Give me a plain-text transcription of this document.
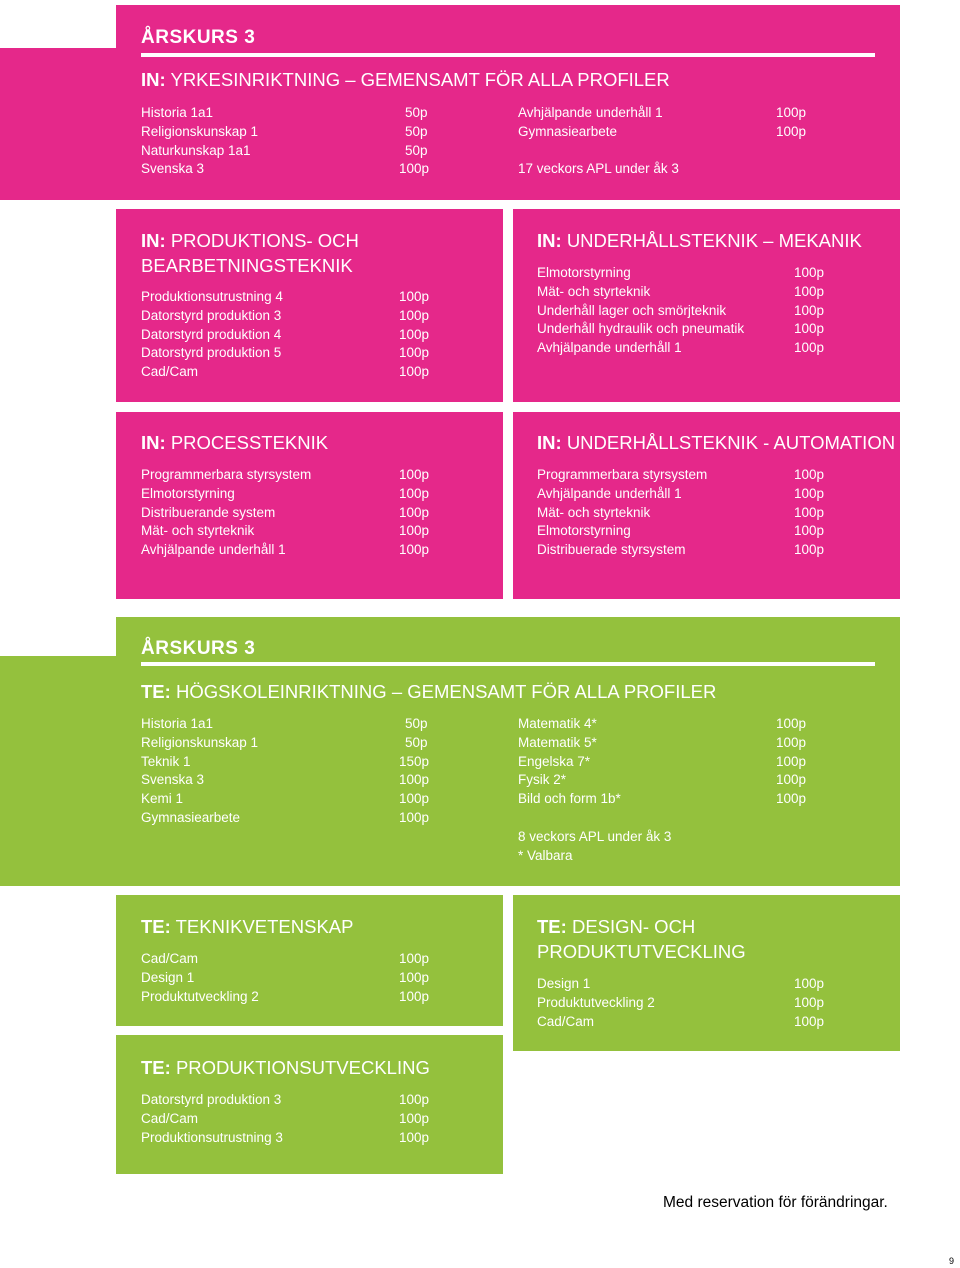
ÅRSKURS 3
IN: YRKESINRIKTNING – GEMENSAMT FÖR ALLA PROFILER
Historia 1a1	50p
Religionskunskap 1	50p
Naturkunskap 1a1	50p
Svenska 3	100p
Avhjälpande underhåll 1	100p
Gymnasiearbete	100p
17 veckors APL under åk 3
IN: PRODUKTIONS- OCH
BEARBETNINGSTEKNIK
Produktionsutrustning 4	100p
Datorstyrd produktion 3	100p
Datorstyrd produktion 4	100p
Datorstyrd produktion 5	100p
Cad/Cam	100p
IN: UNDERHÅLLSTEKNIK – MEKANIK
Elmotorstyrning	100p
Mät- och styrteknik	100p
Underhåll lager och smörjteknik	100p
Underhåll hydraulik och pneumatik	100p
Avhjälpande underhåll 1	100p
IN: PROCESSTEKNIK
Programmerbara styrsystem	100p
Elmotorstyrning	100p
Distribuerande system	100p
Mät- och styrteknik	100p
Avhjälpande underhåll 1	100p
IN: UNDERHÅLLSTEKNIK - AUTOMATION
Programmerbara styrsystem	100p
Avhjälpande underhåll 1	100p
Mät- och styrteknik	100p
Elmotorstyrning	100p
Distribuerade styrsystem	100p
ÅRSKURS 3
TE: HÖGSKOLEINRIKTNING – GEMENSAMT FÖR ALLA PROFILER
Historia 1a1	50p
Religionskunskap 1	50p
Teknik 1	150p
Svenska 3	100p
Kemi 1	100p
Gymnasiearbete	100p
Matematik 4*	100p
Matematik 5*	100p
Engelska 7*	100p
Fysik 2*	100p
Bild och form 1b*	100p
8 veckors APL under åk 3
* Valbara
TE: TEKNIKVETENSKAP
Cad/Cam	100p
Design 1	100p
Produktutveckling 2	100p
TE: DESIGN- OCH
PRODUKTUTVECKLING
Design 1	100p
Produktutveckling 2	100p
Cad/Cam	100p
TE: PRODUKTIONSUTVECKLING
Datorstyrd produktion 3	100p
Cad/Cam	100p
Produktionsutrustning 3	100p
Med reservation för förändringar.
9
